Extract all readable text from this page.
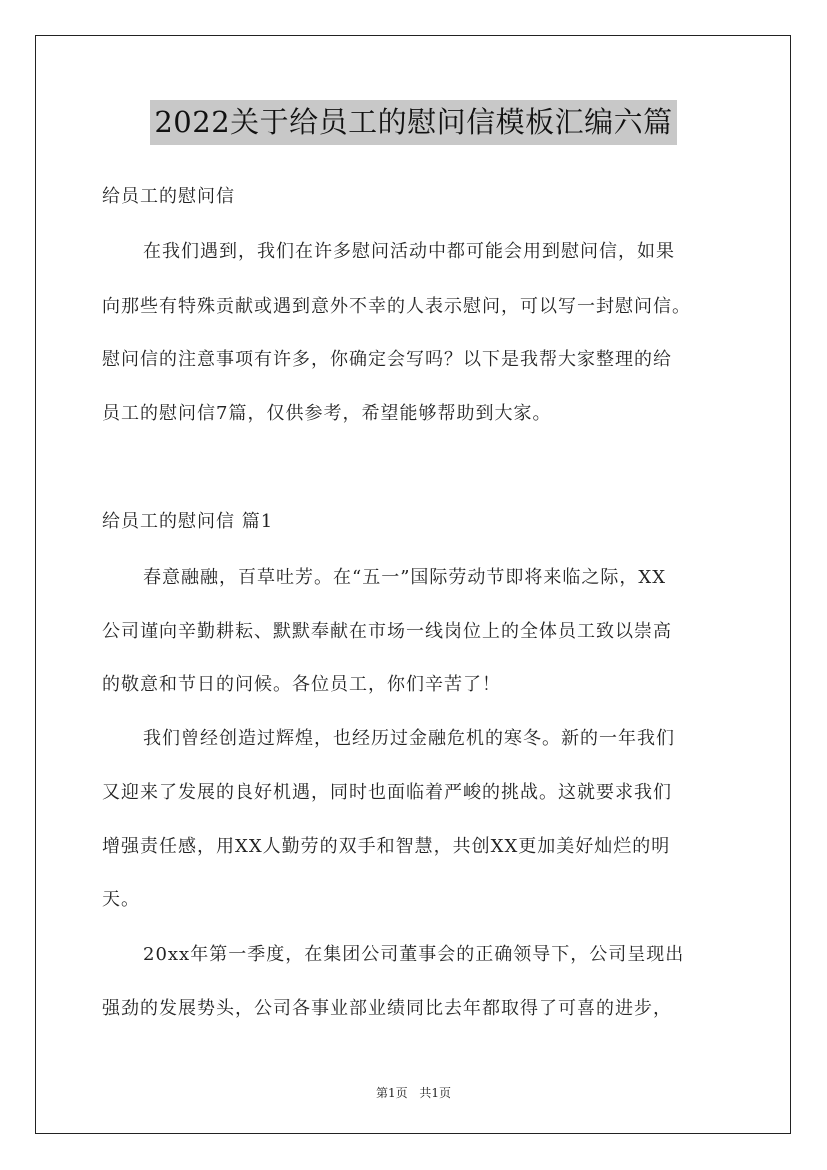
2022关于给员工的慰问信模板汇编六篇
给员工的慰问信
在我们遇到，我们在许多慰问活动中都可能会用到慰问信，如果
向那些有特殊贡献或遇到意外不幸的人表示慰问，可以写一封慰问信。
慰问信的注意事项有许多，你确定会写吗？以下是我帮大家整理的给
员工的慰问信7篇，仅供参考，希望能够帮助到大家。
给员工的慰问信 篇1
春意融融，百草吐芳。在“五一”国际劳动节即将来临之际，XX
公司谨向辛勤耕耘、默默奉献在市场一线岗位上的全体员工致以崇高
的敬意和节日的问候。各位员工，你们辛苦了！
我们曾经创造过辉煌，也经历过金融危机的寒冬。新的一年我们
又迎来了发展的良好机遇，同时也面临着严峻的挑战。这就要求我们
增强责任感，用XX人勤劳的双手和智慧，共创XX更加美好灿烂的明
天。
20xx年第一季度，在集团公司董事会的正确领导下，公司呈现出
强劲的发展势头，公司各事业部业绩同比去年都取得了可喜的进步，
第1页 共1页
